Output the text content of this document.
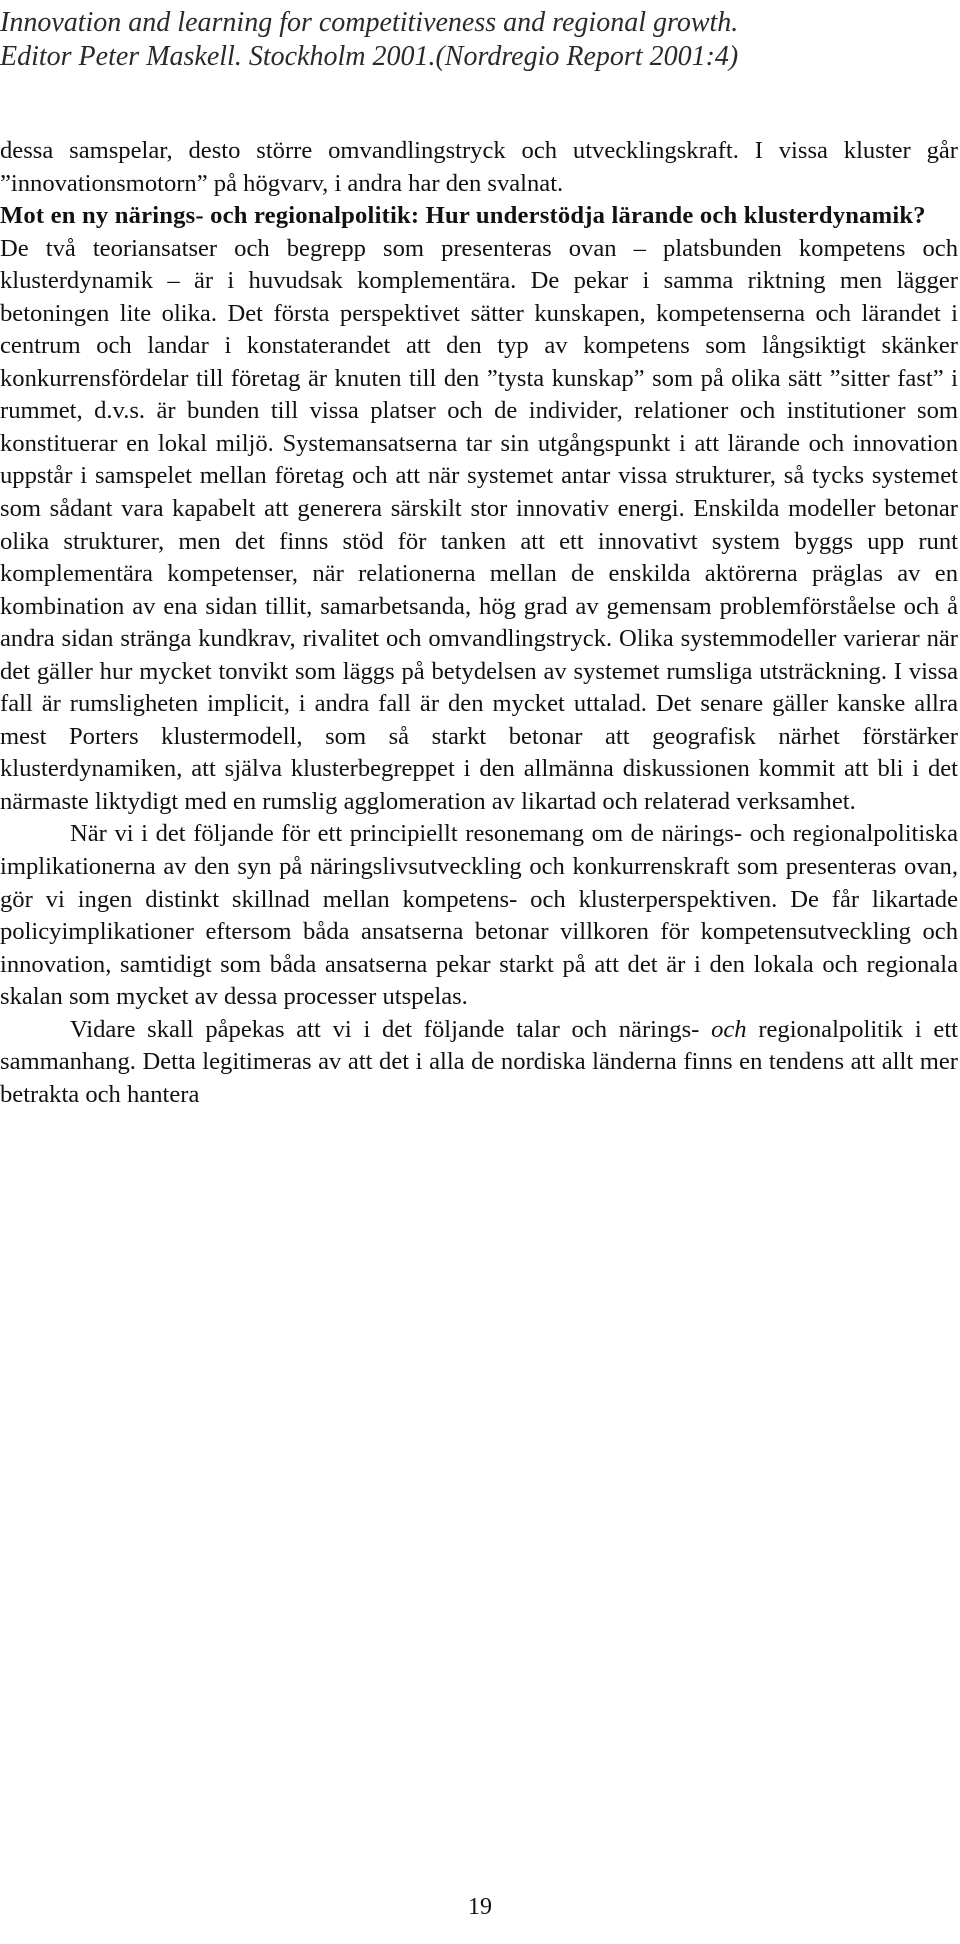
Innovation and learning for competitiveness and regional growth.
Editor Peter Maskell. Stockholm 2001.(Nordregio Report 2001:4)

dessa samspelar, desto större omvandlingstryck och utvecklingskraft. I vissa kluster går ”innovationsmotorn” på högvarv, i andra har den svalnat.

Mot en ny närings- och regionalpolitik: Hur understödja lärande och klusterdynamik?

De två teoriansatser och begrepp som presenteras ovan – platsbunden kompetens och klusterdynamik – är i huvudsak komplementära. De pekar i samma riktning men lägger betoningen lite olika. Det första perspektivet sätter kunskapen, kompetenserna och lärandet i centrum och landar i konstaterandet att den typ av kompetens som långsiktigt skänker konkurrensfördelar till företag är knuten till den ”tysta kunskap” som på olika sätt ”sitter fast” i rummet, d.v.s. är bunden till vissa platser och de individer, relationer och institutioner som konstituerar en lokal miljö. Systemansatserna tar sin utgångspunkt i att lärande och innovation uppstår i samspelet mellan företag och att när systemet antar vissa strukturer, så tycks systemet som sådant vara kapabelt att generera särskilt stor innovativ energi. Enskilda modeller betonar olika strukturer, men det finns stöd för tanken att ett innovativt system byggs upp runt komplementära kompetenser, när relationerna mellan de enskilda aktörerna präglas av en kombination av ena sidan tillit, samarbetsanda, hög grad av gemensam problemförståelse och å andra sidan stränga kundkrav, rivalitet och omvandlingstryck. Olika systemmodeller varierar när det gäller hur mycket tonvikt som läggs på betydelsen av systemet rumsliga utsträckning. I vissa fall är rumsligheten implicit, i andra fall är den mycket uttalad. Det senare gäller kanske allra mest Porters klustermodell, som så starkt betonar att geografisk närhet förstärker klusterdynamiken, att själva klusterbegreppet i den allmänna diskussionen kommit att bli i det närmaste liktydigt med en rumslig agglomeration av likartad och relaterad verksamhet.

När vi i det följande för ett principiellt resonemang om de närings- och regionalpolitiska implikationerna av den syn på näringslivsutveckling och konkurrenskraft som presenteras ovan, gör vi ingen distinkt skillnad mellan kompetens- och klusterperspektiven. De får likartade policyimplikationer eftersom båda ansatserna betonar villkoren för kompetensutveckling och innovation, samtidigt som båda ansatserna pekar starkt på att det är i den lokala och regionala skalan som mycket av dessa processer utspelas.

Vidare skall påpekas att vi i det följande talar och närings- och regionalpolitik i ett sammanhang. Detta legitimeras av att det i alla de nordiska länderna finns en tendens att allt mer betrakta och hantera

19
